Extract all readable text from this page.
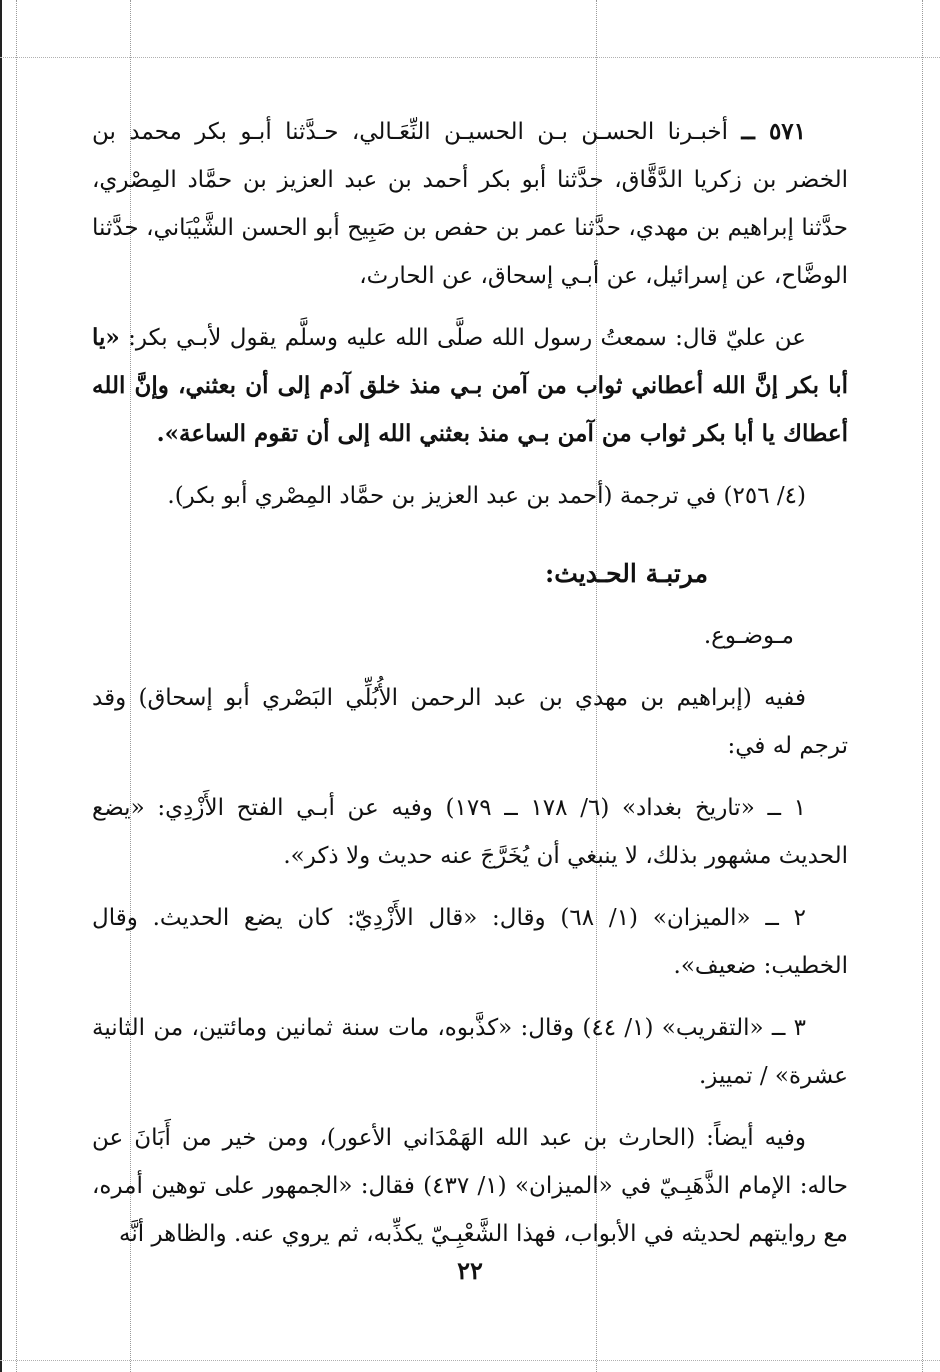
٥٧١ ــ أخبـرنا الحسـن بـن الحسيـن النِّعَـالي، حـدَّثنا أبـو بكر محمد بن الخضر بن زكريا الدَّقَّاق، حدَّثنا أبو بكر أحمد بن عبد العزيز بن حمَّاد المِصْري، حدَّثنا إبراهيم بن مهدي، حدَّثنا عمر بن حفص بن صَبِيح أبو الحسن الشَّيْبَاني، حدَّثنا الوضَّاح، عن إسرائيل، عن أبـي إسحاق، عن الحارث،

عن عليّ قال: سمعتُ رسول الله صلَّى الله عليه وسلَّم يقول لأبـي بكر: «يا أبا بكر إنَّ الله أعطاني ثواب من آمن بـي منذ خلق آدم إلى أن بعثني، وإنَّ الله أعطاك يا أبا بكر ثواب من آمن بـي منذ بعثني الله إلى أن تقوم الساعة».

(٤/ ٢٥٦) في ترجمة (أحمد بن عبد العزيز بن حمَّاد المِصْري أبو بكر).

مرتبـة الحـديث:

مـوضـوع.

ففيه (إبراهيم بن مهدي بن عبد الرحمن الأُبُلِّي البَصْري أبو إسحاق) وقد ترجم له في:

١ ــ «تاريخ بغداد» (٦/ ١٧٨ ــ ١٧٩) وفيه عن أبـي الفتح الأَزْدِي: «يضع الحديث مشهور بذلك، لا ينبغي أن يُخَرَّجَ عنه حديث ولا ذكر».

٢ ــ «الميزان» (١/ ٦٨) وقال: «قال الأَزْدِيّ: كان يضع الحديث. وقال الخطيب: ضعيف».

٣ ــ «التقريب» (١/ ٤٤) وقال: «كذَّبوه، مات سنة ثمانين ومائتين، من الثانية عشرة» / تمييز.

وفيه أيضاً: (الحارث بن عبد الله الهَمْدَاني الأعور)، ومن خير من أَبَانَ عن حاله: الإمام الذَّهَبِـيّ في «الميزان» (١/ ٤٣٧) فقال: «الجمهور على توهين أمره، مع روايتهم لحديثه في الأبواب، فهذا الشَّعْبِـيّ يكذِّبه، ثم يروي عنه. والظاهر أنَّه

٢٢
